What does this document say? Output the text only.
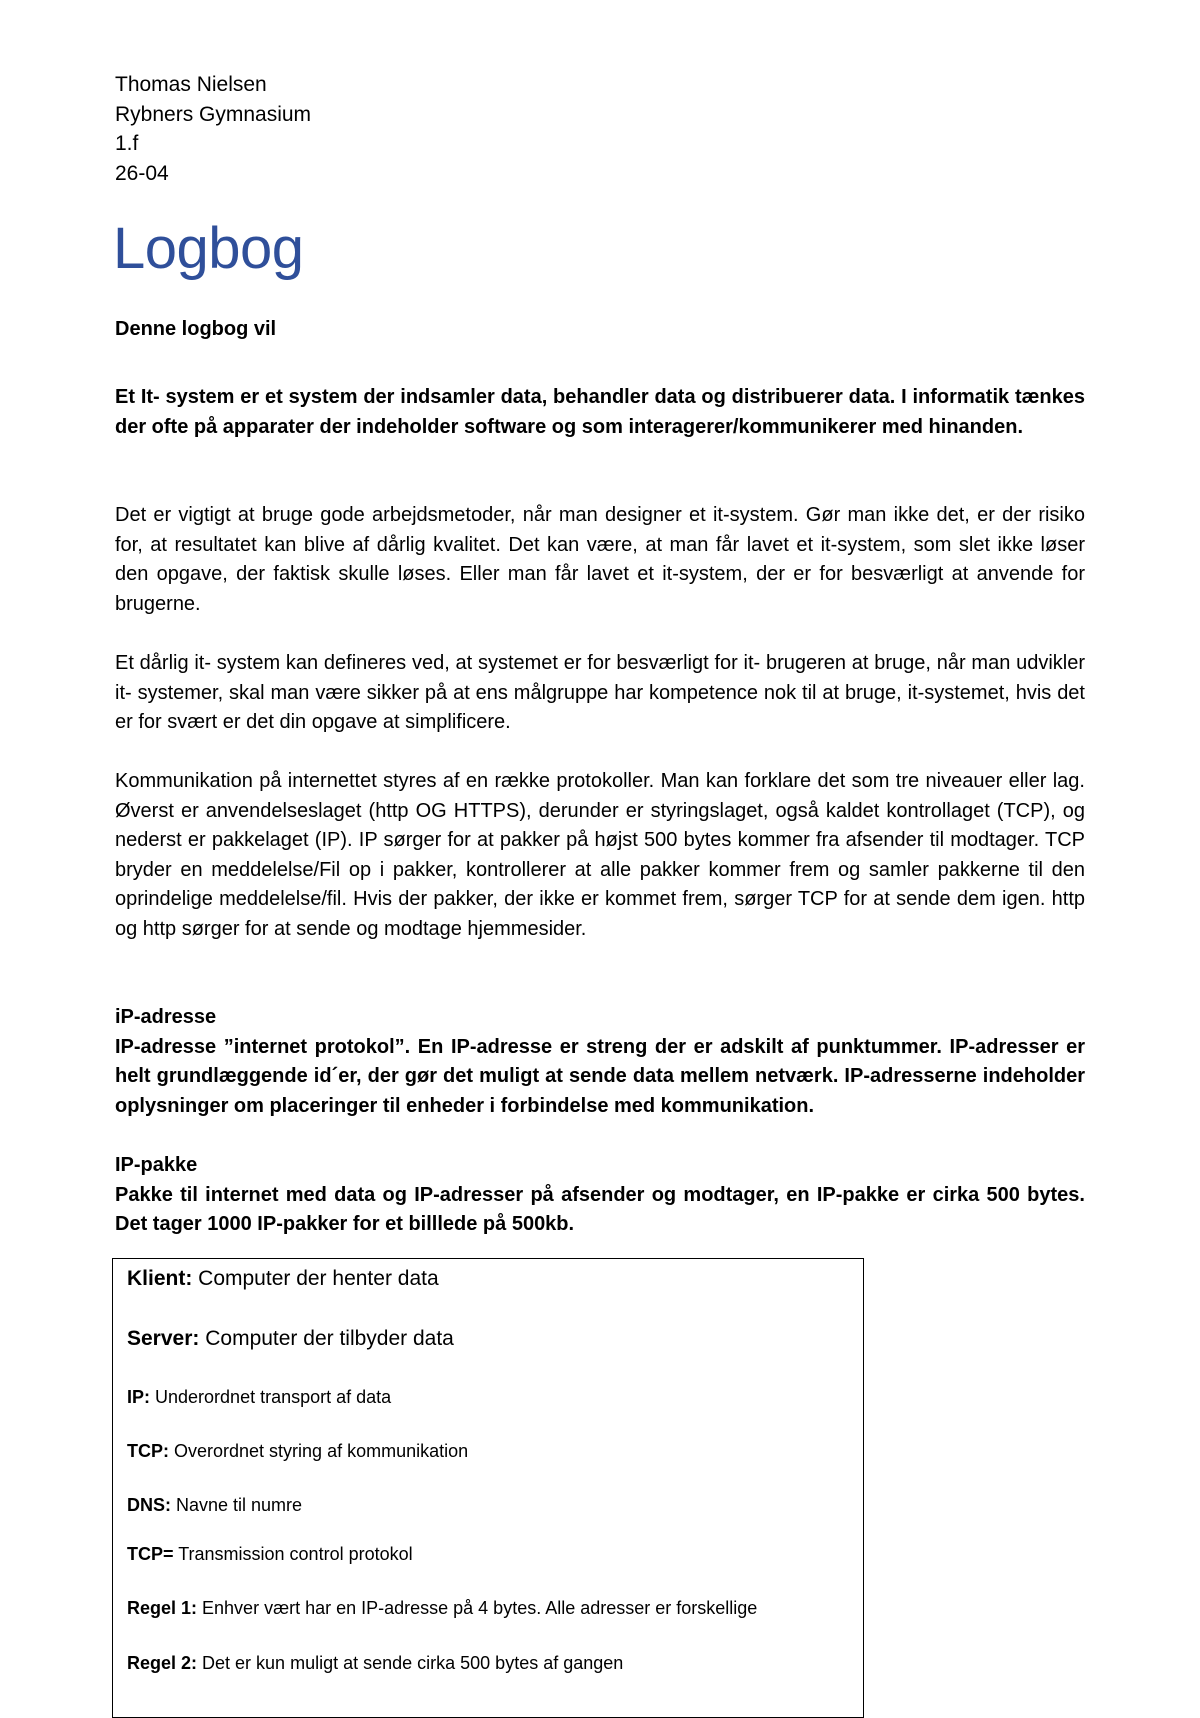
Thomas Nielsen
Rybners Gymnasium
1.f
26-04
Logbog
Denne logbog vil
Et It- system er et system der indsamler data, behandler data og distribuerer data. I informatik tænkes der ofte på apparater der indeholder software og som interagerer/kommunikerer med hinanden.
Det er vigtigt at bruge gode arbejdsmetoder, når man designer et it-system. Gør man ikke det, er der risiko for, at resultatet kan blive af dårlig kvalitet. Det kan være, at man får lavet et it-system, som slet ikke løser den opgave, der faktisk skulle løses. Eller man får lavet et it-system, der er for besværligt at anvende for brugerne.
Et dårlig it- system kan defineres ved, at systemet er for besværligt for it- brugeren at bruge, når man udvikler it- systemer, skal man være sikker på at ens målgruppe har kompetence nok til at bruge, it-systemet, hvis det er for svært er det din opgave at simplificere.
Kommunikation på internettet styres af en række protokoller. Man kan forklare det som tre niveauer eller lag. Øverst er anvendelseslaget (http OG HTTPS), derunder er styringslaget, også kaldet kontrollaget (TCP), og nederst er pakkelaget (IP). IP sørger for at pakker på højst 500 bytes kommer fra afsender til modtager. TCP bryder en meddelelse/Fil op i pakker, kontrollerer at alle pakker kommer frem og samler pakkerne til den oprindelige meddelelse/fil. Hvis der pakker, der ikke er kommet frem, sørger TCP for at sende dem igen. http og http sørger for at sende og modtage hjemmesider.
iP-adresse
IP-adresse ”internet protokol”. En IP-adresse er streng der er adskilt af punktummer. IP-adresser er helt grundlæggende id´er, der gør det muligt at sende data mellem netværk. IP-adresserne indeholder oplysninger om placeringer til enheder i forbindelse med kommunikation.
IP-pakke
Pakke til internet med data og IP-adresser på afsender og modtager, en IP-pakke er cirka 500 bytes. Det tager 1000 IP-pakker for et billlede på 500kb.
Klient: Computer der henter data
Server: Computer der tilbyder data
IP: Underordnet transport af data
TCP: Overordnet styring af kommunikation
DNS: Navne til numre
TCP= Transmission control protokol
Regel 1: Enhver vært har en IP-adresse på 4 bytes. Alle adresser er forskellige
Regel 2: Det er kun muligt at sende cirka 500 bytes af gangen
